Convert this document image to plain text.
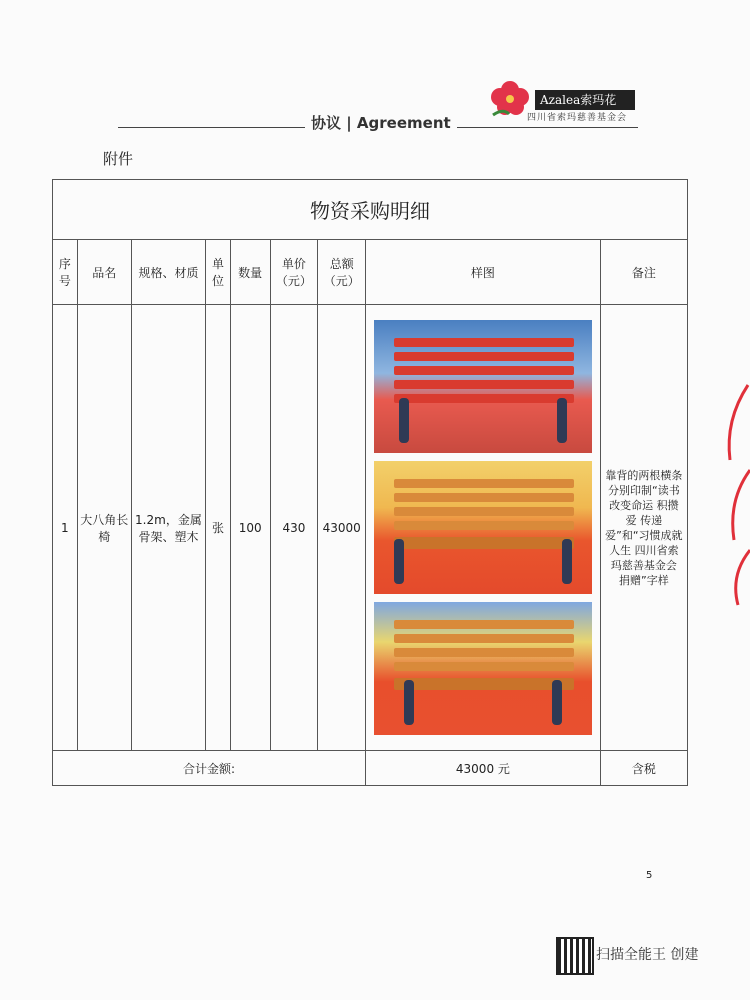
协议 | Agreement
Azalea索玛花
四川省索玛慈善基金会
附件
物资采购明细								
序号	品名	规格、材质	单位	数量	单价（元）	总额（元）	样图	备注
1	大八角长椅	1.2m，金属骨架、塑木	张	100	430	43000		靠背的两根横条分别印制“读书改变命运 积攒爱 传递爱”和“习惯成就人生 四川省索玛慈善基金会 捐赠”字样
合计金额:							43000 元	含税
5
扫描全能王 创建
